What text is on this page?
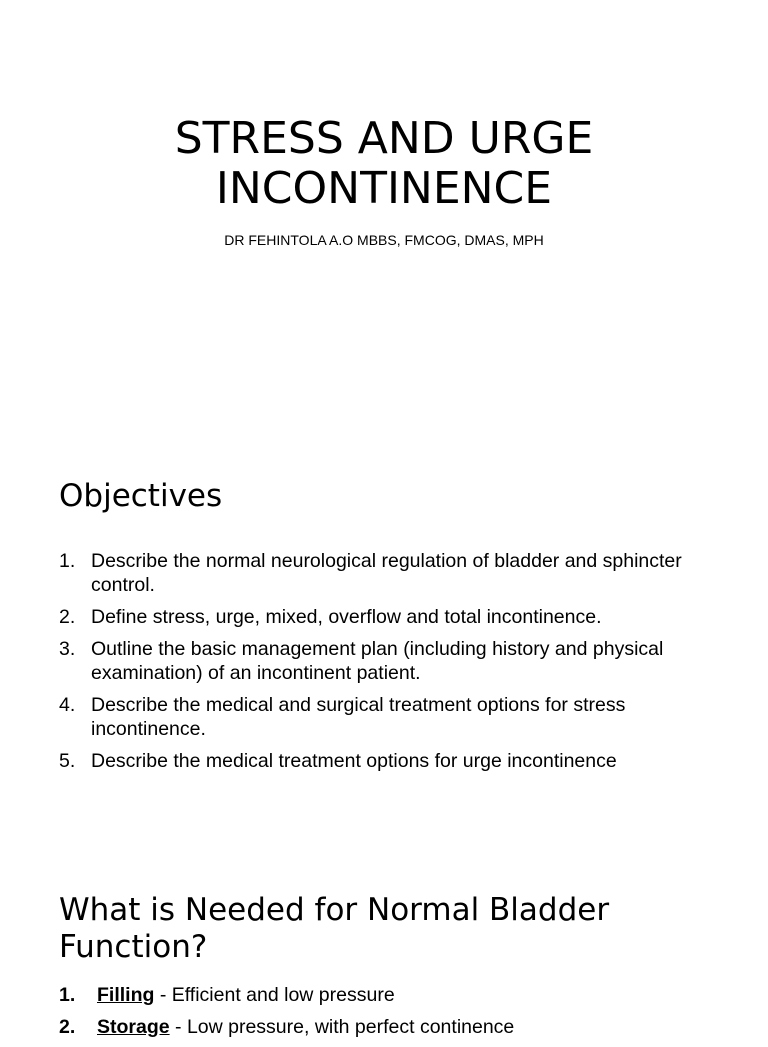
STRESS AND URGE
INCONTINENCE

DR FEHINTOLA A.O MBBS, FMCOG, DMAS, MPH

Objectives
1. Describe the normal neurological regulation of bladder and sphincter control.
2. Define stress, urge, mixed, overflow and total incontinence.
3. Outline the basic management plan (including history and physical examination) of an incontinent patient.
4. Describe the medical and surgical treatment options for stress incontinence.
5. Describe the medical treatment options for urge incontinence
What is Needed for Normal Bladder Function?
1. Filling - Efficient and low pressure
2. Storage - Low pressure, with perfect continence
